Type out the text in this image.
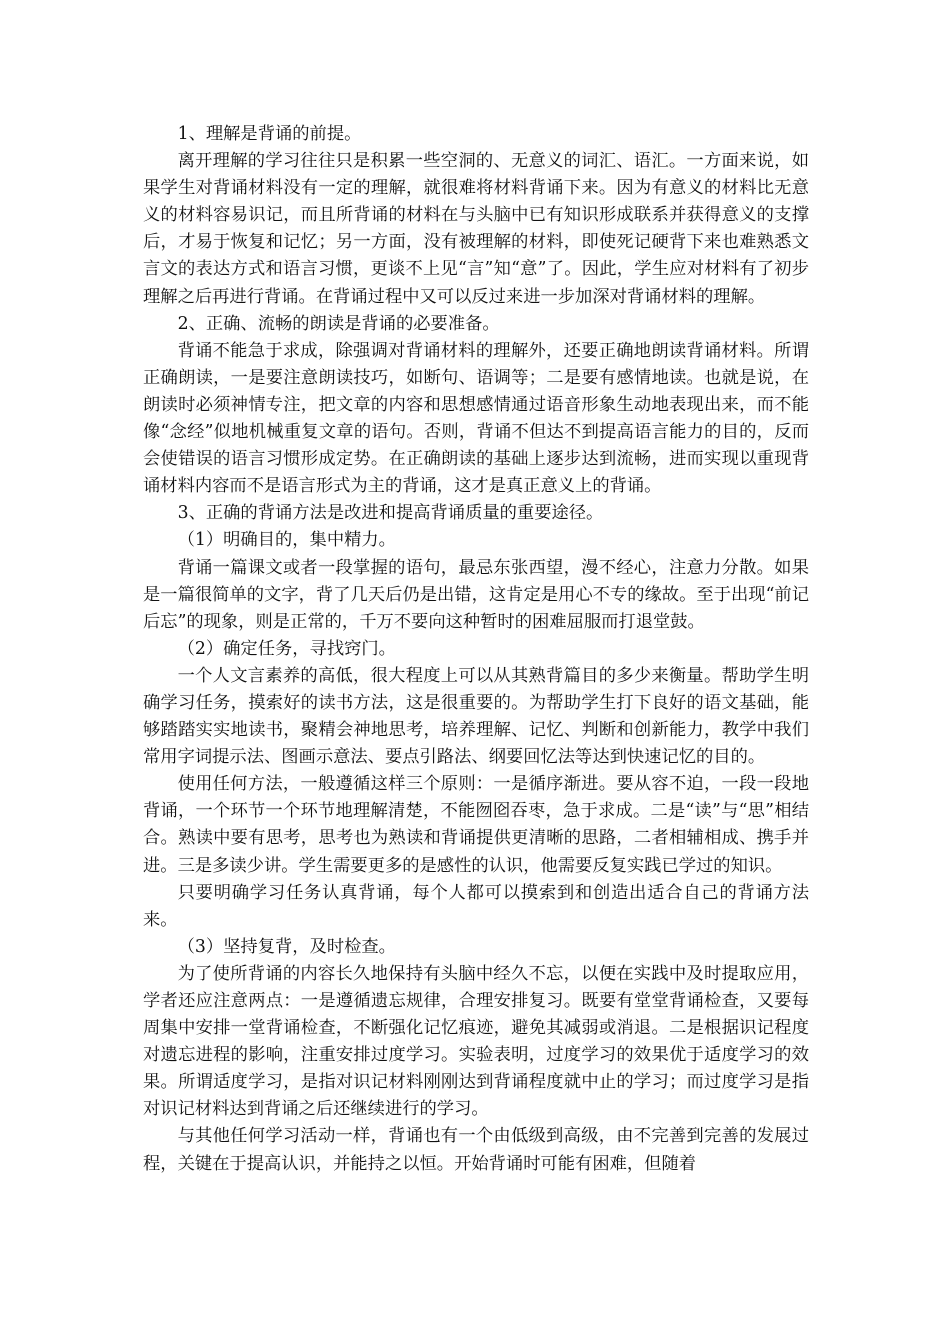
1、理解是背诵的前提。

离开理解的学习往往只是积累一些空洞的、无意义的词汇、语汇。一方面来说，如果学生对背诵材料没有一定的理解，就很难将材料背诵下来。因为有意义的材料比无意义的材料容易识记，而且所背诵的材料在与头脑中已有知识形成联系并获得意义的支撑后，才易于恢复和记忆；另一方面，没有被理解的材料，即使死记硬背下来也难熟悉文言文的表达方式和语言习惯，更谈不上见“言”知“意”了。因此，学生应对材料有了初步理解之后再进行背诵。在背诵过程中又可以反过来进一步加深对背诵材料的理解。

2、正确、流畅的朗读是背诵的必要准备。

背诵不能急于求成，除强调对背诵材料的理解外，还要正确地朗读背诵材料。所谓正确朗读，一是要注意朗读技巧，如断句、语调等；二是要有感情地读。也就是说，在朗读时必须神情专注，把文章的内容和思想感情通过语音形象生动地表现出来，而不能像“念经”似地机械重复文章的语句。否则，背诵不但达不到提高语言能力的目的，反而会使错误的语言习惯形成定势。在正确朗读的基础上逐步达到流畅，进而实现以重现背诵材料内容而不是语言形式为主的背诵，这才是真正意义上的背诵。

3、正确的背诵方法是改进和提高背诵质量的重要途径。

（1）明确目的，集中精力。

背诵一篇课文或者一段掌握的语句，最忌东张西望，漫不经心，注意力分散。如果是一篇很简单的文字，背了几天后仍是出错，这肯定是用心不专的缘故。至于出现“前记后忘”的现象，则是正常的，千万不要向这种暂时的困难屈服而打退堂鼓。

（2）确定任务，寻找窍门。

一个人文言素养的高低，很大程度上可以从其熟背篇目的多少来衡量。帮助学生明确学习任务，摸索好的读书方法，这是很重要的。为帮助学生打下良好的语文基础，能够踏踏实实地读书，聚精会神地思考，培养理解、记忆、判断和创新能力，教学中我们常用字词提示法、图画示意法、要点引路法、纲要回忆法等达到快速记忆的目的。

使用任何方法，一般遵循这样三个原则：一是循序渐进。要从容不迫，一段一段地背诵，一个环节一个环节地理解清楚，不能囫囵吞枣，急于求成。二是“读”与“思”相结合。熟读中要有思考，思考也为熟读和背诵提供更清晰的思路，二者相辅相成、携手并进。三是多读少讲。学生需要更多的是感性的认识，他需要反复实践已学过的知识。

只要明确学习任务认真背诵，每个人都可以摸索到和创造出适合自己的背诵方法来。

（3）坚持复背，及时检查。

为了使所背诵的内容长久地保持有头脑中经久不忘，以便在实践中及时提取应用，学者还应注意两点：一是遵循遗忘规律，合理安排复习。既要有堂堂背诵检查，又要每周集中安排一堂背诵检查，不断强化记忆痕迹，避免其减弱或消退。二是根据识记程度对遗忘进程的影响，注重安排过度学习。实验表明，过度学习的效果优于适度学习的效果。所谓适度学习，是指对识记材料刚刚达到背诵程度就中止的学习；而过度学习是指对识记材料达到背诵之后还继续进行的学习。

与其他任何学习活动一样，背诵也有一个由低级到高级，由不完善到完善的发展过程，关键在于提高认识，并能持之以恒。开始背诵时可能有困难，但随着
